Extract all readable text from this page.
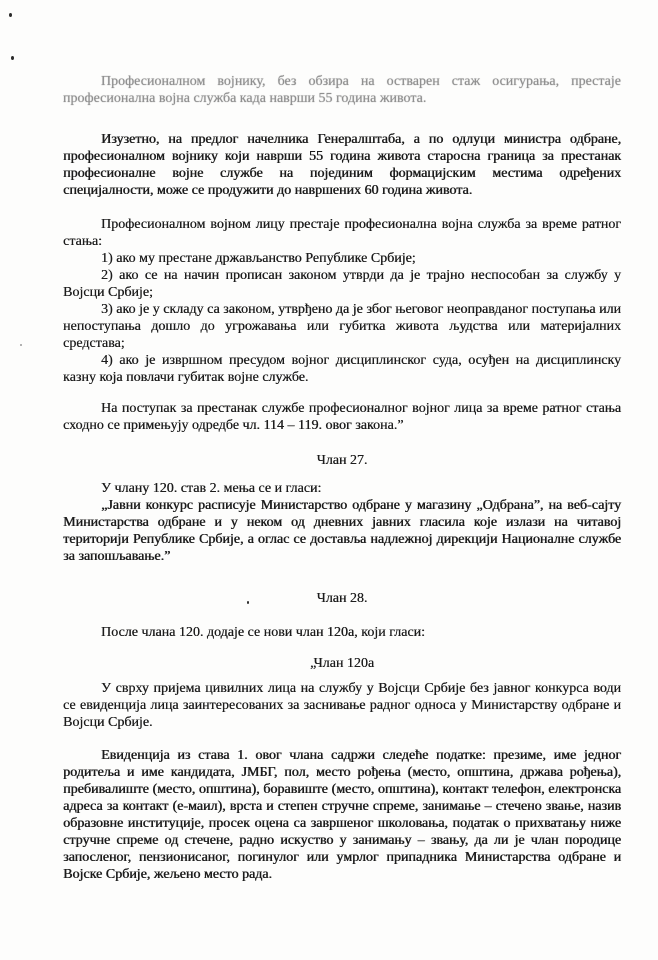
Професионалном војнику, без обзира на остварен стаж осигурања, престаје професионална војна служба када наврши 55 година живота.

Изузетно, на предлог начелника Генералштаба, а по одлуци министра одбране, професионалном војнику који наврши 55 година живота старосна граница за престанак професионалне војне службе на појединим формацијским местима одређених специјалности, може се продужити до навршених 60 година живота.

Професионалном војном лицу престаје професионална војна служба за време ратног стања:

1) ако му престане држављанство Републике Србије;

2) ако се на начин прописан законом утврди да је трајно неспособан за службу у Војсци Србије;

3) ако је у складу са законом, утврђено да је због његовог неоправданог поступања или непоступања дошло до угрожавања или губитка живота људства или материјалних средстава;

4) ако је извршном пресудом војног дисциплинског суда, осуђен на дисциплинску казну која повлачи губитак војне службе.

На поступак за престанак службе професионалног војног лица за време ратног стања сходно се примењују одредбе чл. 114 – 119. овог закона.”

Члан 27.

У члану 120. став 2. мења се и гласи:

„Јавни конкурс расписује Министарство одбране у магазину „Одбрана”, на веб-сајту Министарства одбране и у неком од дневних јавних гласила које излази на читавој територији Републике Србије, а оглас се доставља надлежној дирекцији Националне службе за запошљавање.”

Члан 28.

После члана 120. додаје се нови члан 120а, који гласи:

„Члан 120а

У сврху пријема цивилних лица на службу у Војсци Србије без јавног конкурса води се евиденција лица заинтересованих за заснивање радног односа у Министарству одбране и Војсци Србије.

Евиденција из става 1. овог члана садржи следеће податке: презиме, име једног родитеља и име кандидата, ЈМБГ, пол, место рођења (место, општина, држава рођења), пребивалиште (место, општина), боравиште (место, општина), контакт телефон, електронска адреса за контакт (е-маил), врста и степен стручне спреме, занимање – стечено звање, назив образовне институције, просек оцена са завршеног школовања, податак о прихватању ниже стручне спреме од стечене, радно искуство у занимању – звању, да ли је члан породице запосленог, пензионисаног, погинулог или умрлог припадника Министарства одбране и Војске Србије, жељено место рада.
